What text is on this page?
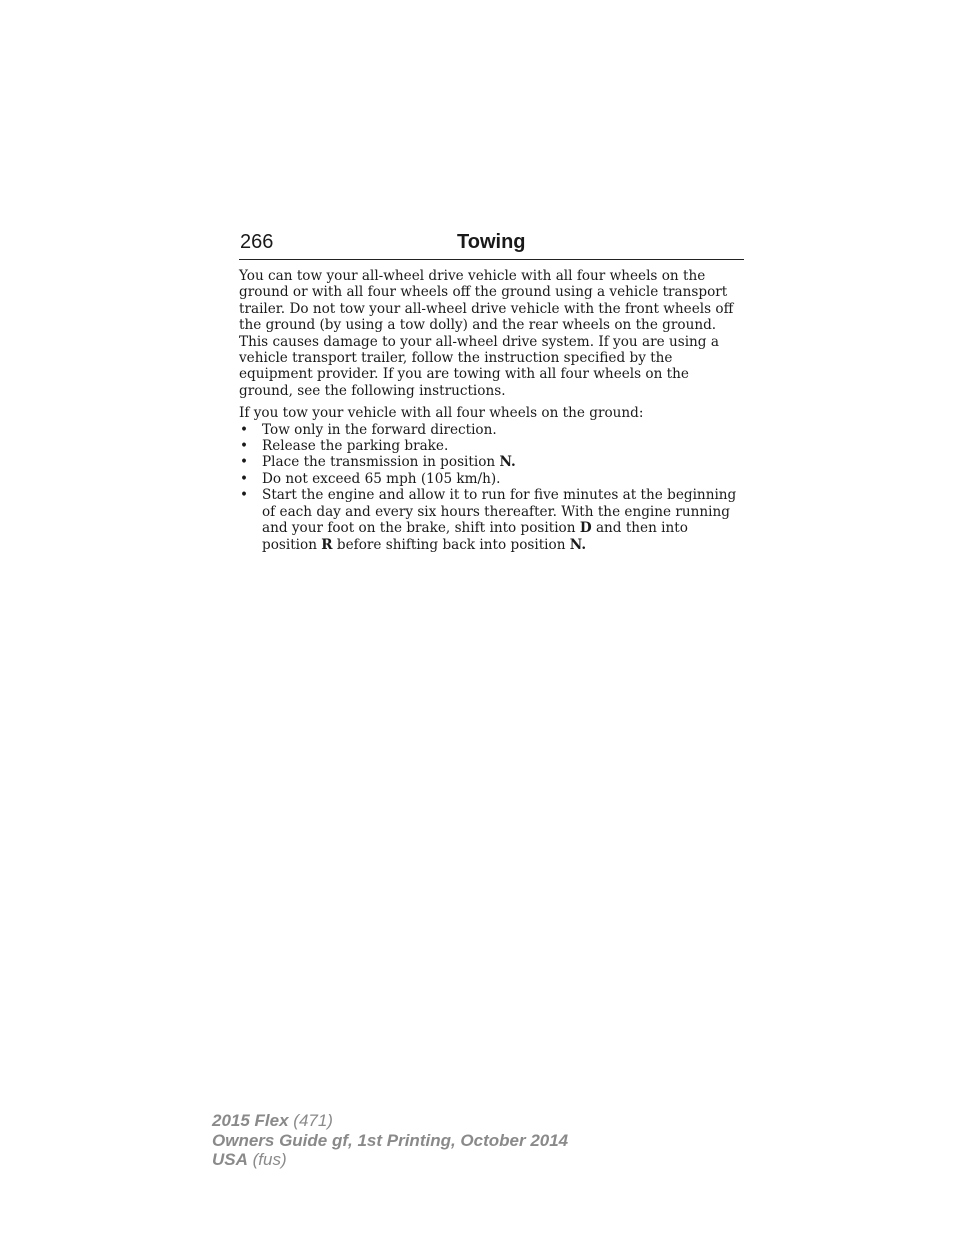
266	Towing

You can tow your all-wheel drive vehicle with all four wheels on the ground or with all four wheels off the ground using a vehicle transport trailer. Do not tow your all-wheel drive vehicle with the front wheels off the ground (by using a tow dolly) and the rear wheels on the ground. This causes damage to your all-wheel drive system. If you are using a vehicle transport trailer, follow the instruction specified by the equipment provider. If you are towing with all four wheels on the ground, see the following instructions.

If you tow your vehicle with all four wheels on the ground:

• Tow only in the forward direction.
• Release the parking brake.
• Place the transmission in position N.
• Do not exceed 65 mph (105 km/h).
• Start the engine and allow it to run for five minutes at the beginning of each day and every six hours thereafter. With the engine running and your foot on the brake, shift into position D and then into position R before shifting back into position N.
2015 Flex (471)
Owners Guide gf, 1st Printing, October 2014
USA (fus)
